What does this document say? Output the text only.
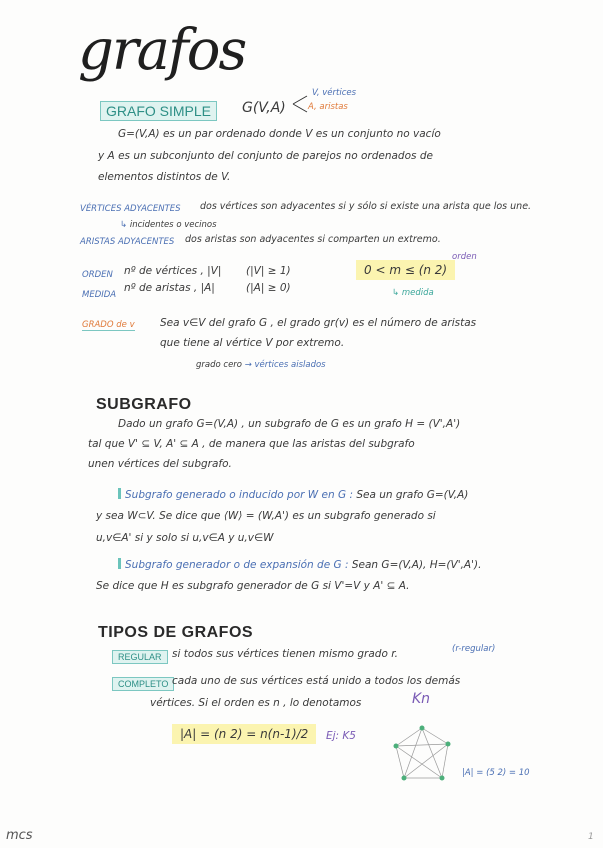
grafos
GRAFO SIMPLE	G(V,A)
V, vértices
A, aristas
G=(V,A) es un par ordenado donde V es un conjunto no vacío
y A es un subconjunto del conjunto de parejos no ordenados de
elementos distintos de V.
VÉRTICES ADYACENTES dos vértices son adyacentes si y sólo si existe una arista que los une.
↳ incidentes o vecinos
ARISTAS ADYACENTES dos aristas son adyacentes si comparten un extremo.
ORDEN nº de vértices , |V| (|V| ≥ 1)
MEDIDA
nº de aristas , |A|	(|A| ≥ 0)
0 < m ≤ (n 2)
orden
↳ medida
GRADO de v Sea v∈V del grafo G , el grado gr(v) es el número de aristas
que tiene al vértice V por extremo.
grado cero → vértices aislados
SUBGRAFO
Dado un grafo G=(V,A) , un subgrafo de G es un grafo H = (V',A')
tal que V' ⊆ V, A' ⊆ A , de manera que las aristas del subgrafo
unen vértices del subgrafo.
Subgrafo generado o inducido por W en G : Sea un grafo G=(V,A)
y sea W⊂V. Se dice que ⟨W⟩ = (W,A') es un subgrafo generado si
u,v∈A' si y solo si u,v∈A y u,v∈W
Subgrafo generador o de expansión de G : Sean G=(V,A), H=(V',A').
Se dice que H es subgrafo generador de G si V'=V y A' ⊆ A.
TIPOS DE GRAFOS
REGULAR si todos sus vértices tienen mismo grado r.	(r-regular)
COMPLETO cada uno de sus vértices está unido a todos los demás
vértices. Si el orden es n , lo denotamos	Kn
|A| = (n 2) = n(n-1)/2	Ej: K5
|A| = (5 2) = 10
mcs	1
